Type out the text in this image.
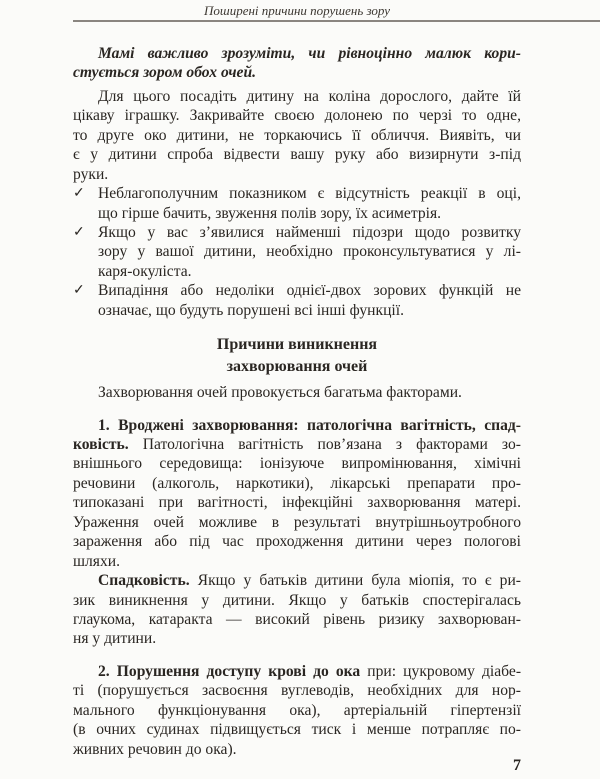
Поширені причини порушень зору
Мамі важливо зрозуміти, чи рівноцінно малюк кори-
стується зором обох очей.
Для цього посадіть дитину на коліна дорослого, дайте їй
цікаву іграшку. Закривайте своєю долонею по черзі то одне,
то друге око дитини, не торкаючись її обличчя. Виявіть, чи
є у дитини спроба відвести вашу руку або визирнути з-під
руки.
✓ Неблагополучним показником є відсутність реакції в оці,
що гірше бачить, звуження полів зору, їх асиметрія.
✓ Якщо у вас з’явилися найменші підозри щодо розвитку
зору у вашої дитини, необхідно проконсультуватися у лі-
каря-окуліста.
✓ Випадіння або недоліки однієї-двох зорових функцій не
означає, що будуть порушені всі інші функції.
Причини виникнення
захворювання очей
Захворювання очей провокується багатьма факторами.
1. Вроджені захворювання: патологічна вагітність, спад-
ковість. Патологічна вагітність пов’язана з факторами зо-
внішнього середовища: іонізуюче випромінювання, хімічні
речовини (алкоголь, наркотики), лікарські препарати про-
типоказані при вагітності, інфекційні захворювання матері.
Ураження очей можливе в результаті внутрішньоутробного
зараження або під час проходження дитини через пологові
шляхи.
Спадковість. Якщо у батьків дитини була міопія, то є ри-
зик виникнення у дитини. Якщо у батьків спостерігалась
глаукома, катаракта — високий рівень ризику захворюван-
ня у дитини.
2. Порушення доступу крові до ока при: цукровому діабе-
ті (порушується засвоєння вуглеводів, необхідних для нор-
мального функціонування ока), артеріальній гіпертензії
(в очних судинах підвищується тиск і менше потрапляє по-
живних речовин до ока).
7
